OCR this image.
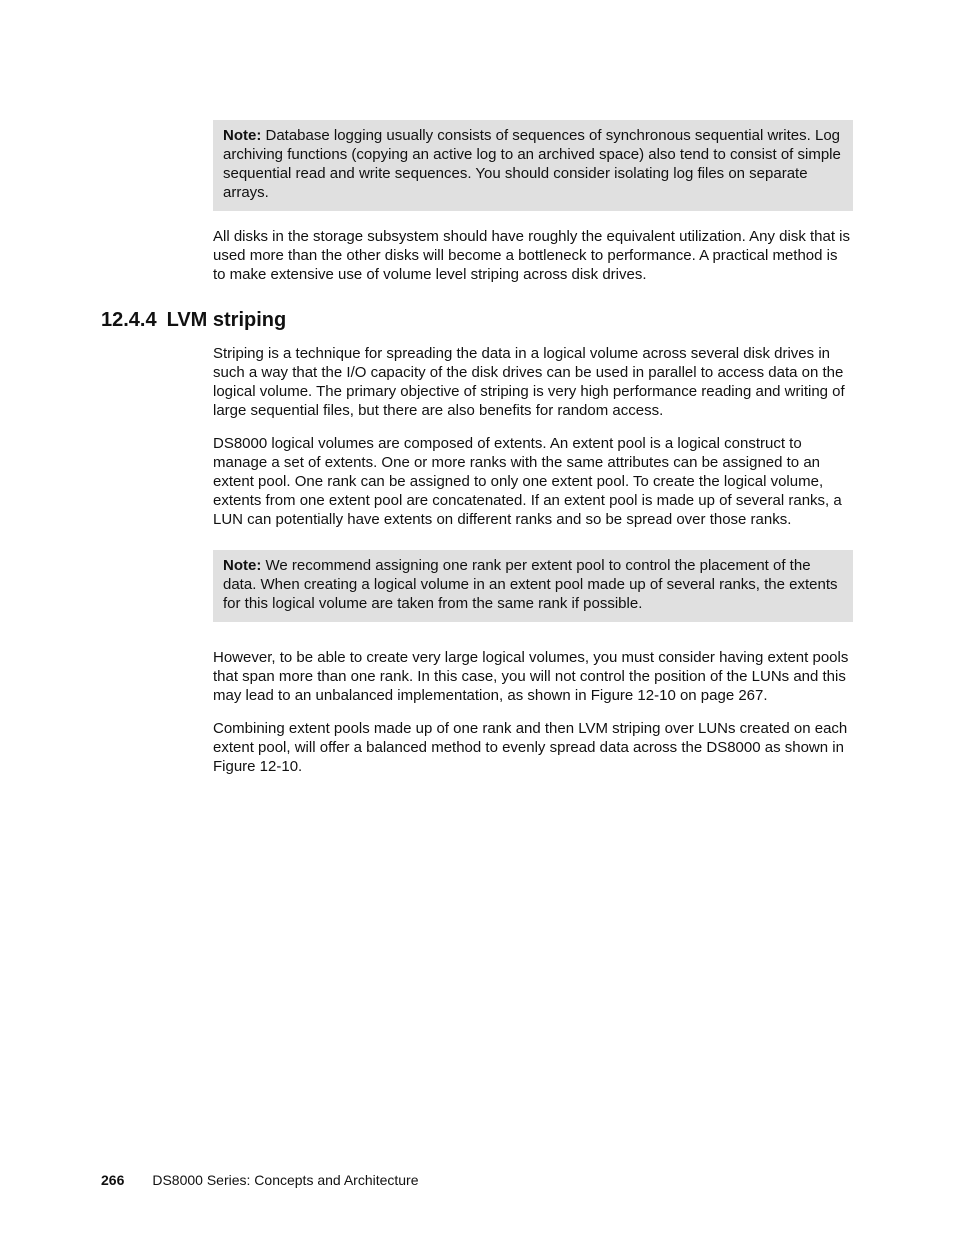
Note: Database logging usually consists of sequences of synchronous sequential writes. Log archiving functions (copying an active log to an archived space) also tend to consist of simple sequential read and write sequences. You should consider isolating log files on separate arrays.

All disks in the storage subsystem should have roughly the equivalent utilization. Any disk that is used more than the other disks will become a bottleneck to performance. A practical method is to make extensive use of volume level striping across disk drives.

12.4.4 LVM striping

Striping is a technique for spreading the data in a logical volume across several disk drives in such a way that the I/O capacity of the disk drives can be used in parallel to access data on the logical volume. The primary objective of striping is very high performance reading and writing of large sequential files, but there are also benefits for random access.

DS8000 logical volumes are composed of extents. An extent pool is a logical construct to manage a set of extents. One or more ranks with the same attributes can be assigned to an extent pool. One rank can be assigned to only one extent pool. To create the logical volume, extents from one extent pool are concatenated. If an extent pool is made up of several ranks, a LUN can potentially have extents on different ranks and so be spread over those ranks.

Note: We recommend assigning one rank per extent pool to control the placement of the data. When creating a logical volume in an extent pool made up of several ranks, the extents for this logical volume are taken from the same rank if possible.

However, to be able to create very large logical volumes, you must consider having extent pools that span more than one rank. In this case, you will not control the position of the LUNs and this may lead to an unbalanced implementation, as shown in Figure 12-10 on page 267.

Combining extent pools made up of one rank and then LVM striping over LUNs created on each extent pool, will offer a balanced method to evenly spread data across the DS8000 as shown in Figure 12-10.

266 DS8000 Series: Concepts and Architecture
